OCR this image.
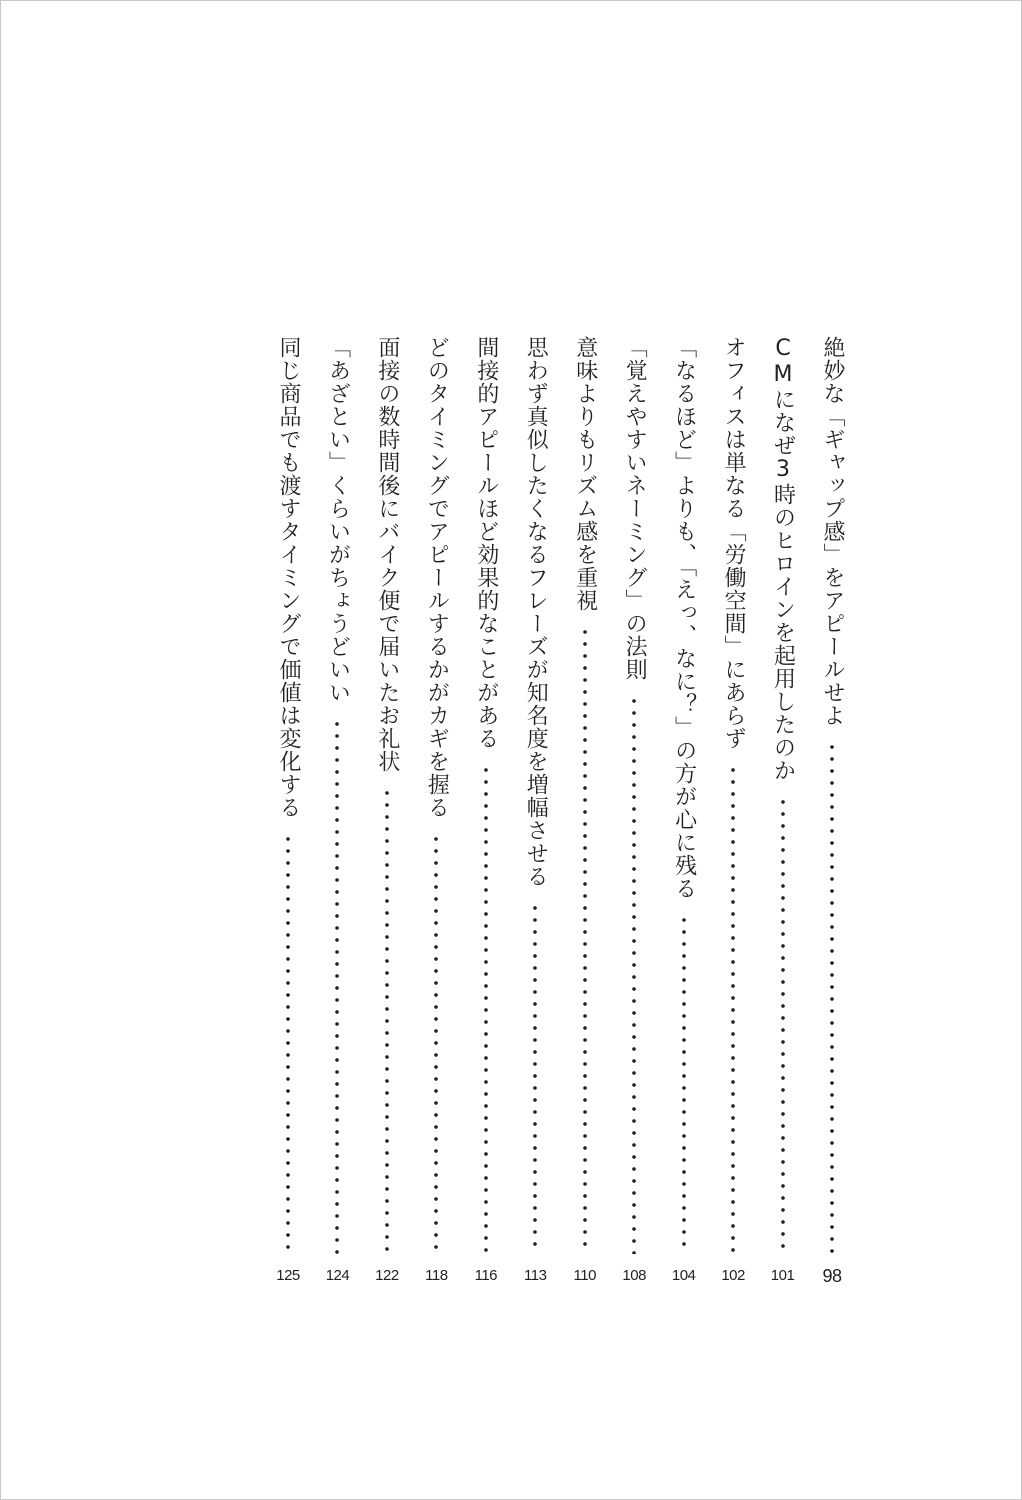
絶妙な「ギャップ感」をアピールせよ
98
CMになぜ3時のヒロインを起用したのか
101
オフィスは単なる「労働空間」にあらず
102
「なるほど」よりも、「えっ、なに？」の方が心に残る
104
「覚えやすいネーミング」の法則
108
意味よりもリズム感を重視
110
思わず真似したくなるフレーズが知名度を増幅させる
113
間接的アピールほど効果的なことがある
116
どのタイミングでアピールするかがカギを握る
118
面接の数時間後にバイク便で届いたお礼状
122
「あざとい」くらいがちょうどいい
124
同じ商品でも渡すタイミングで価値は変化する
125
